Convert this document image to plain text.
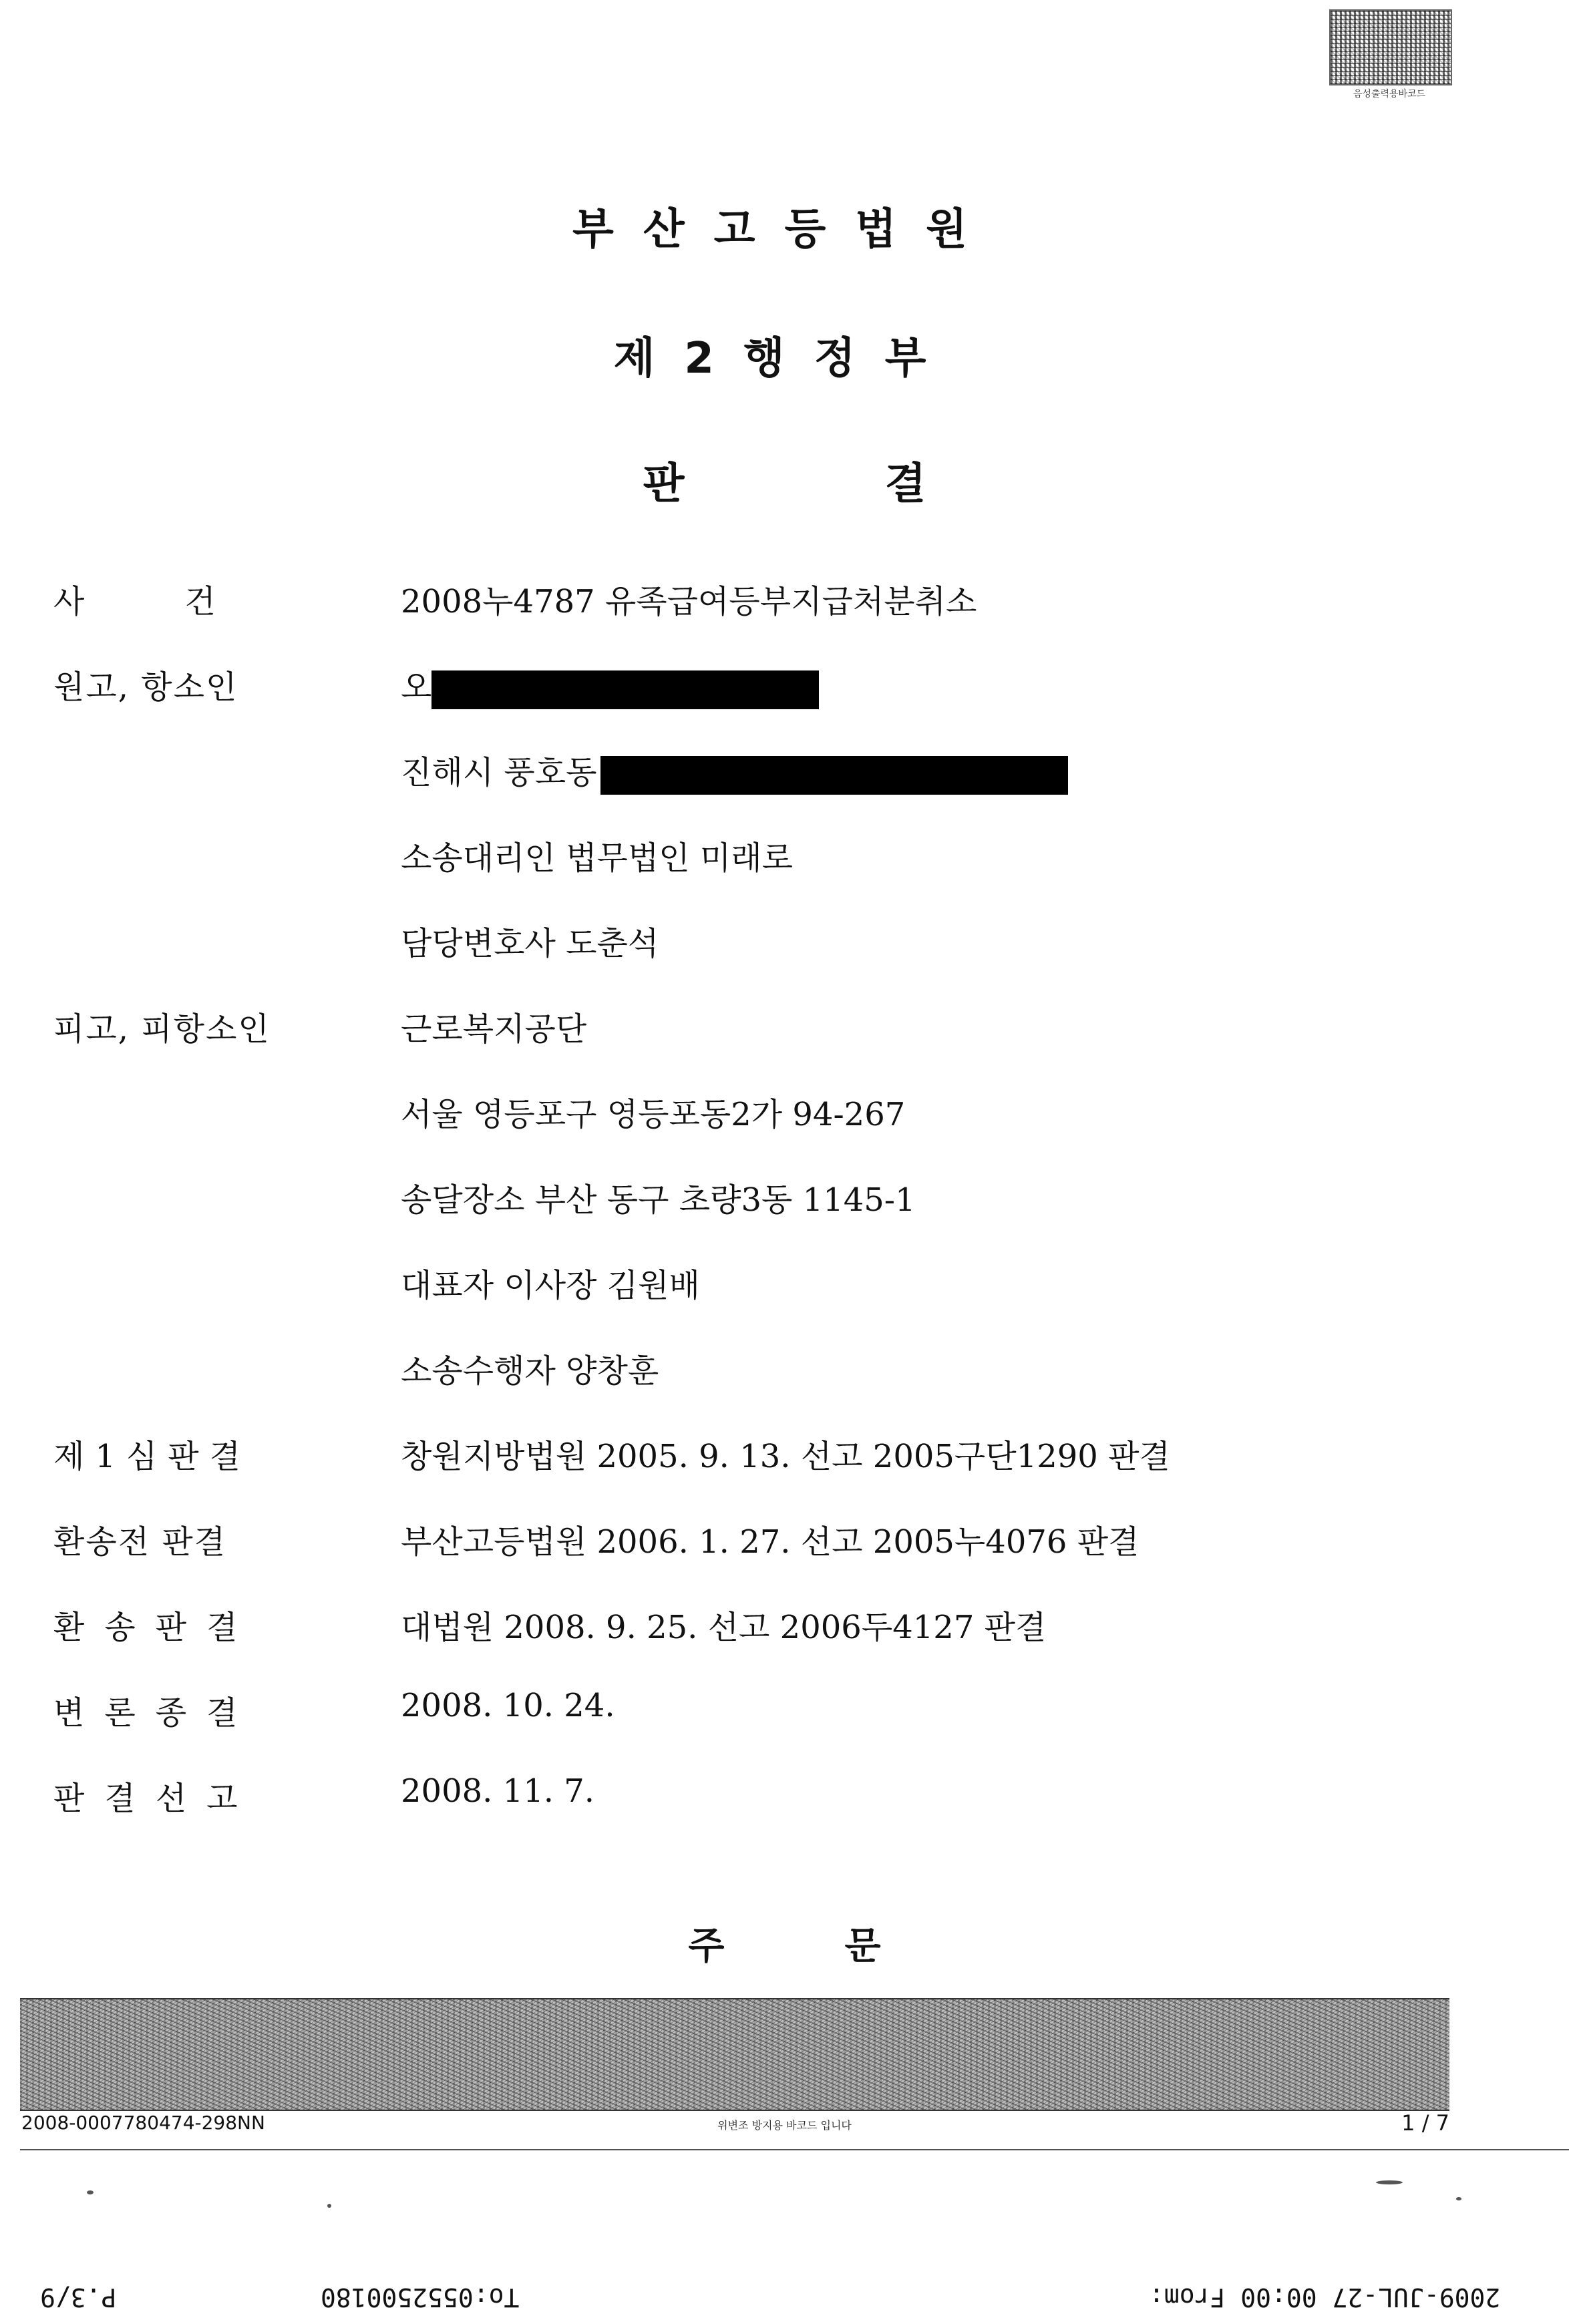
음성출력용바코드
부산고등법원
제2행정부
판결
사건	2008누4787 유족급여등부지급처분취소
원고, 항소인	오
진해시 풍호동
소송대리인 법무법인 미래로
담당변호사 도춘석
피고, 피항소인	근로복지공단
서울 영등포구 영등포동2가 94-267
송달장소 부산 동구 초량3동 1145-1
대표자 이사장 김원배
소송수행자 양창훈
제1심판결	창원지방법원 2005. 9. 13. 선고 2005구단1290 판결
환송전 판결	부산고등법원 2006. 1. 27. 선고 2005누4076 판결
환송판결	대법원 2008. 9. 25. 선고 2006두4127 판결
변론종결	2008. 10. 24.
판결선고	2008. 11. 7.
주문
2008-0007780474-298NN	위변조 방지용 바코드 입니다	1 / 7
P.3/9	To:0552500180	2009-JUL-27 00:00 From:
